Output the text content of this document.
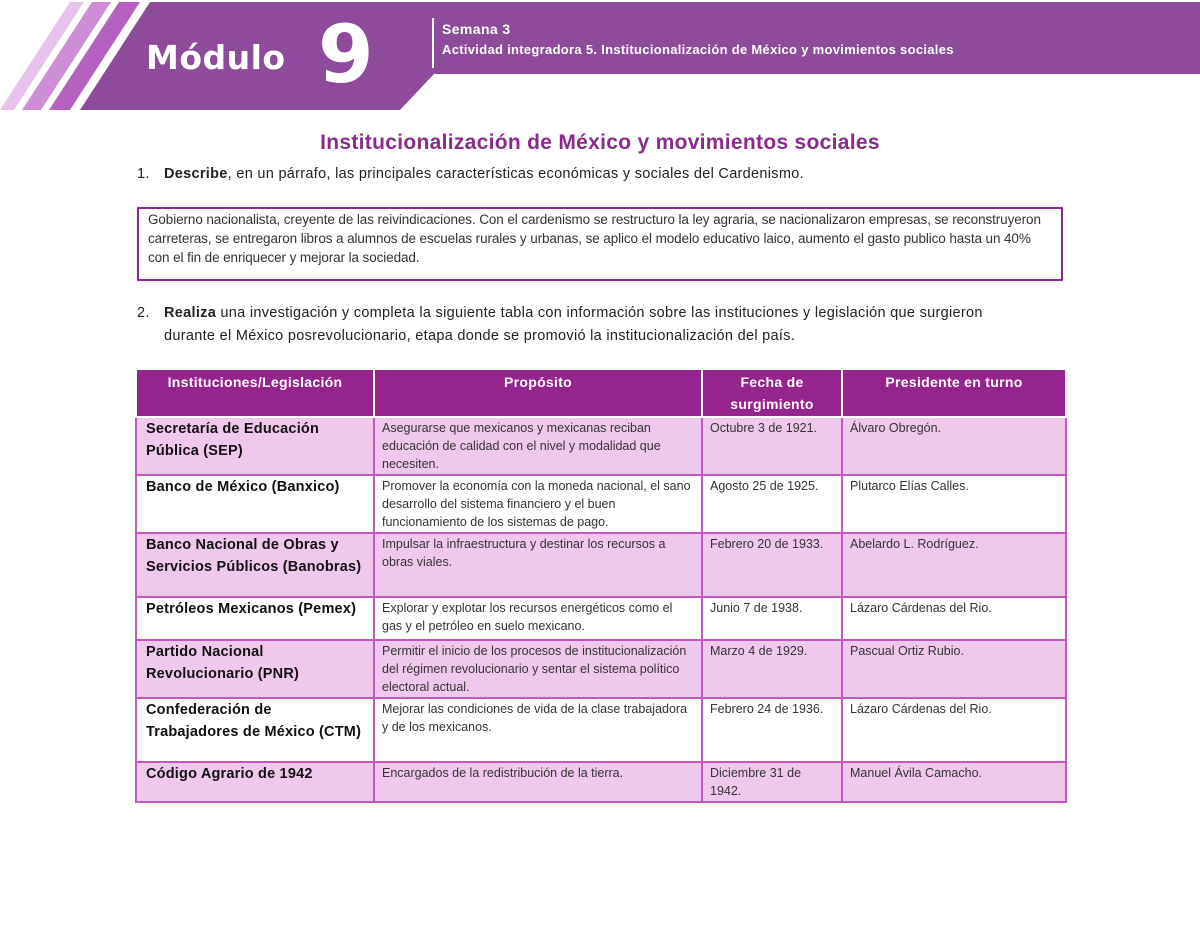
Módulo 9	Semana 3
Actividad integradora 5. Institucionalización de México y movimientos sociales
Institucionalización de México y movimientos sociales
1. Describe, en un párrafo, las principales características económicas y sociales del Cardenismo.
Gobierno nacionalista, creyente de las reivindicaciones. Con el cardenismo se restructuro la ley agraria, se nacionalizaron empresas, se reconstruyeron carreteras, se entregaron libros a alumnos de escuelas rurales y urbanas, se aplico el modelo educativo laico, aumento el gasto publico hasta un 40% con el fin de enriquecer y mejorar la sociedad.
2. Realiza una investigación y completa la siguiente tabla con información sobre las instituciones y legislación que surgieron
durante el México posrevolucionario, etapa donde se promovió la institucionalización del país.
Instituciones/Legislación	Propósito	Fecha de surgimiento	Presidente en turno
Secretaría de Educación Pública (SEP)	Asegurarse que mexicanos y mexicanas reciban educación de calidad con el nivel y modalidad que necesiten.	Octubre 3 de 1921.	Álvaro Obregón.
Banco de México (Banxico)	Promover la economía con la moneda nacional, el sano desarrollo del sistema financiero y el buen funcionamiento de los sistemas de pago.	Agosto 25 de 1925.	Plutarco Elías Calles.
Banco Nacional de Obras y Servicios Públicos (Banobras)	Impulsar la infraestructura y destinar los recursos a obras viales.	Febrero 20 de 1933.	Abelardo L. Rodríguez.
Petróleos Mexicanos (Pemex)	Explorar y explotar los recursos energéticos como el gas y el petróleo en suelo mexicano.	Junio 7 de 1938.	Lázaro Cárdenas del Rio.
Partido Nacional Revolucionario (PNR)	Permitir el inicio de los procesos de institucionalización del régimen revolucionario y sentar el sistema político electoral actual.	Marzo 4 de 1929.	Pascual Ortiz Rubio.
Confederación de Trabajadores de México (CTM)	Mejorar las condiciones de vida de la clase trabajadora y de los mexicanos.	Febrero 24 de 1936.	Lázaro Cárdenas del Rio.
Código Agrario de 1942	Encargados de la redistribución de la tierra.	Diciembre 31 de 1942.	Manuel Ávila Camacho.
